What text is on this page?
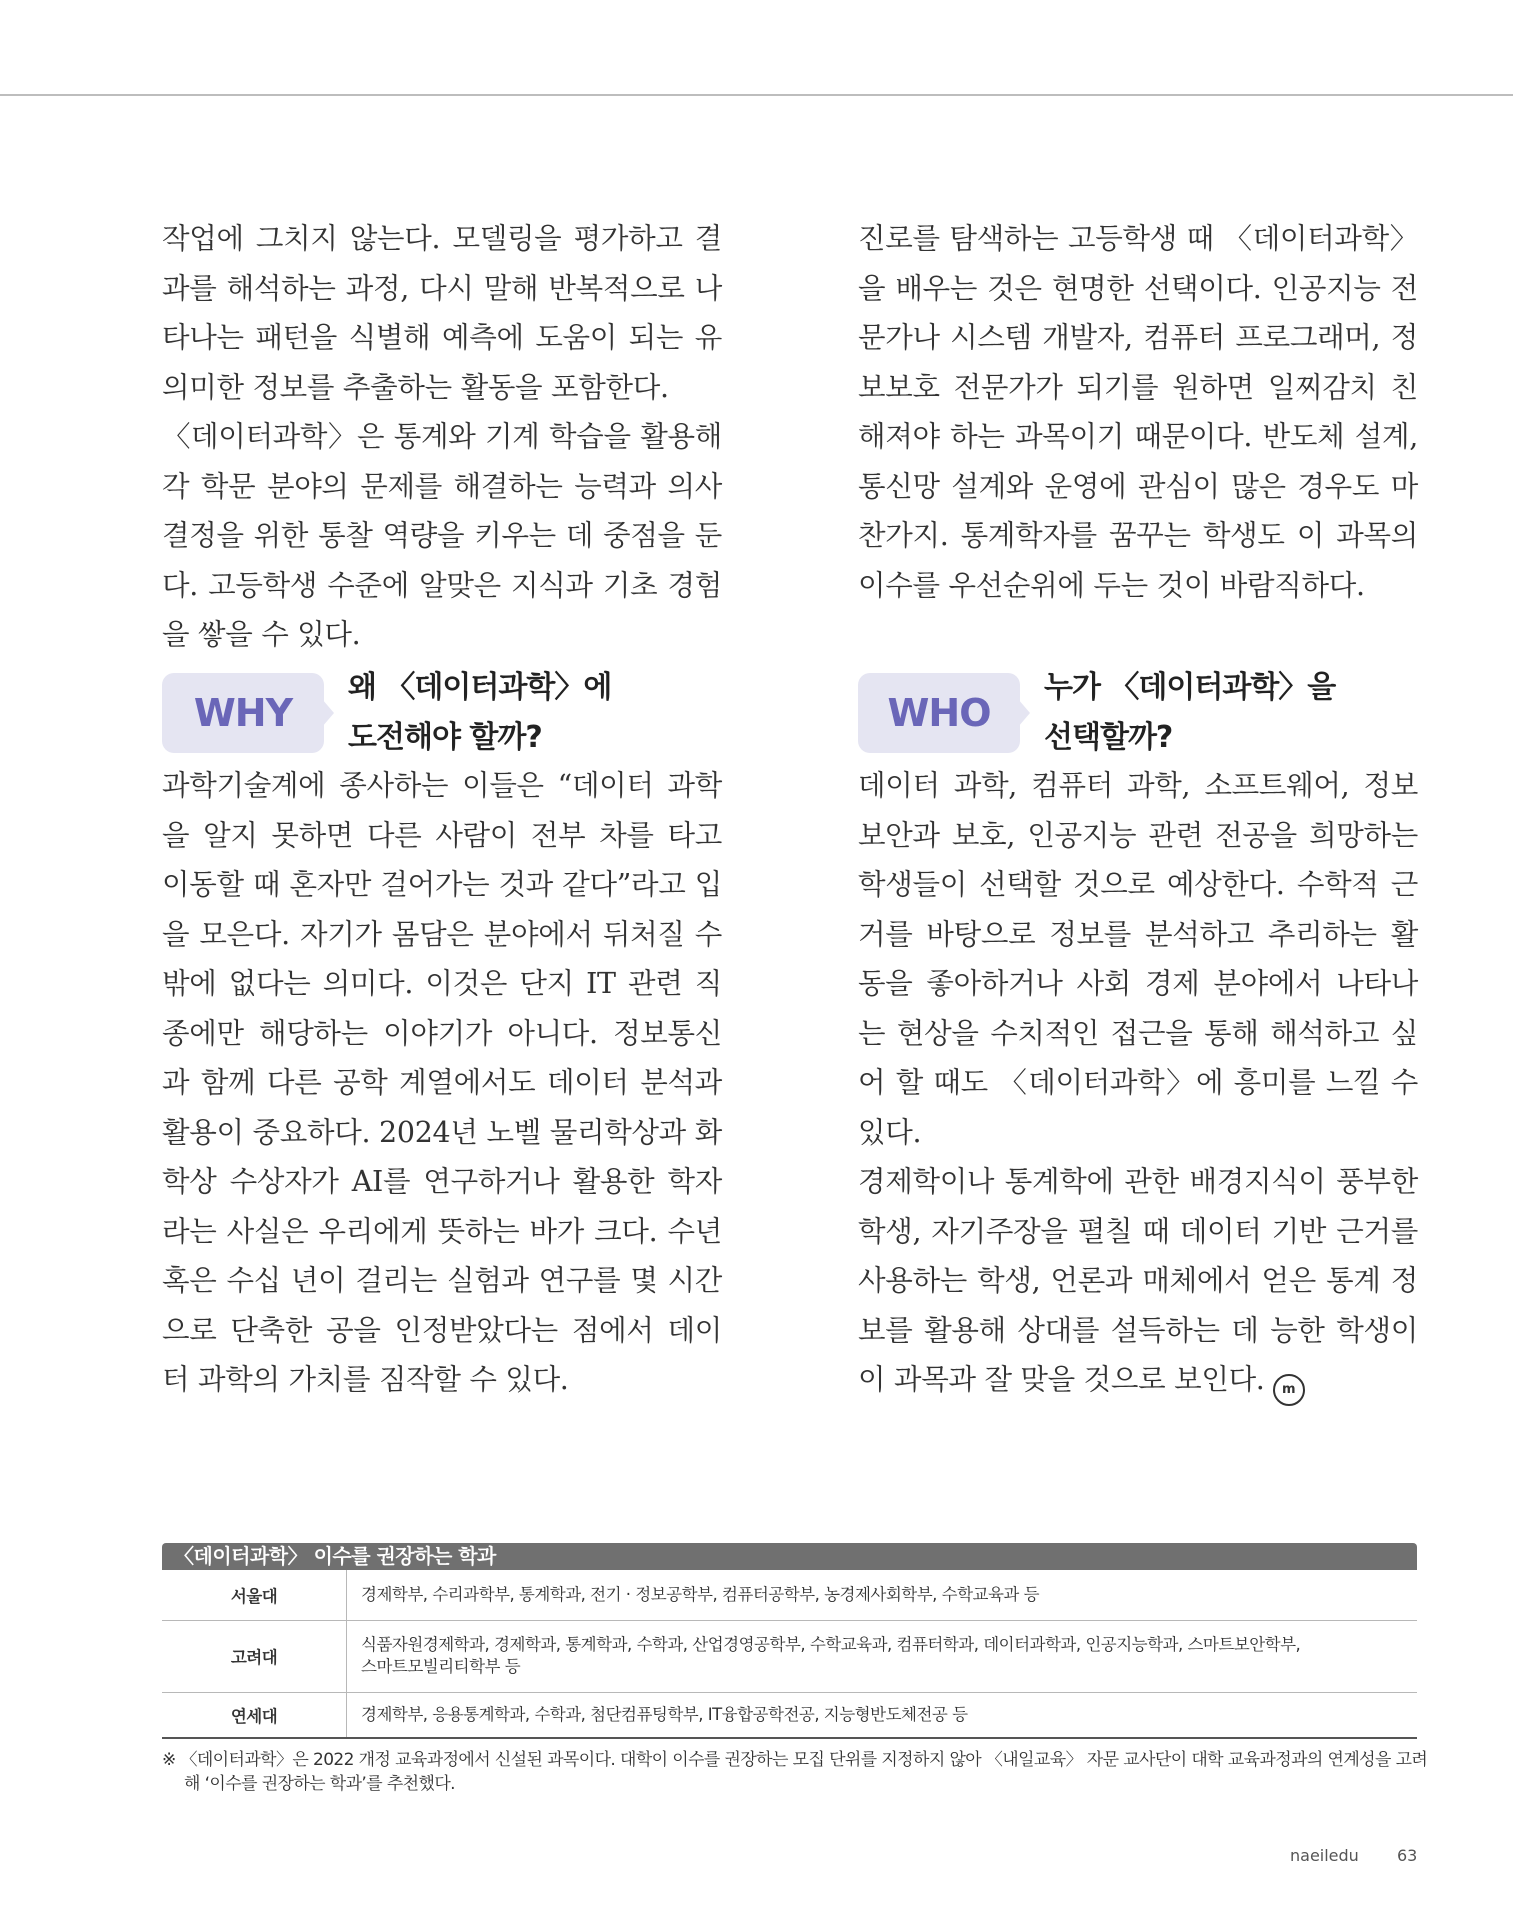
작업에 그치지 않는다. 모델링을 평가하고 결과를 해석하는 과정, 다시 말해 반복적으로 나타나는 패턴을 식별해 예측에 도움이 되는 유의미한 정보를 추출하는 활동을 포함한다.

〈데이터과학〉은 통계와 기계 학습을 활용해 각 학문 분야의 문제를 해결하는 능력과 의사 결정을 위한 통찰 역량을 키우는 데 중점을 둔다. 고등학생 수준에 알맞은 지식과 기초 경험을 쌓을 수 있다.

WHY
왜 〈데이터과학〉에
도전해야 할까?

과학기술계에 종사하는 이들은 “데이터 과학을 알지 못하면 다른 사람이 전부 차를 타고 이동할 때 혼자만 걸어가는 것과 같다”라고 입을 모은다. 자기가 몸담은 분야에서 뒤처질 수밖에 없다는 의미다. 이것은 단지 IT 관련 직종에만 해당하는 이야기가 아니다. 정보통신과 함께 다른 공학 계열에서도 데이터 분석과 활용이 중요하다. 2024년 노벨 물리학상과 화학상 수상자가 AI를 연구하거나 활용한 학자라는 사실은 우리에게 뜻하는 바가 크다. 수년 혹은 수십 년이 걸리는 실험과 연구를 몇 시간으로 단축한 공을 인정받았다는 점에서 데이터 과학의 가치를 짐작할 수 있다.

진로를 탐색하는 고등학생 때 〈데이터과학〉을 배우는 것은 현명한 선택이다. 인공지능 전문가나 시스템 개발자, 컴퓨터 프로그래머, 정보보호 전문가가 되기를 원하면 일찌감치 친해져야 하는 과목이기 때문이다. 반도체 설계, 통신망 설계와 운영에 관심이 많은 경우도 마찬가지. 통계학자를 꿈꾸는 학생도 이 과목의 이수를 우선순위에 두는 것이 바람직하다.

WHO
누가 〈데이터과학〉을
선택할까?

데이터 과학, 컴퓨터 과학, 소프트웨어, 정보보안과 보호, 인공지능 관련 전공을 희망하는 학생들이 선택할 것으로 예상한다. 수학적 근거를 바탕으로 정보를 분석하고 추리하는 활동을 좋아하거나 사회 경제 분야에서 나타나는 현상을 수치적인 접근을 통해 해석하고 싶어 할 때도 〈데이터과학〉에 흥미를 느낄 수 있다.

경제학이나 통계학에 관한 배경지식이 풍부한 학생, 자기주장을 펼칠 때 데이터 기반 근거를 사용하는 학생, 언론과 매체에서 얻은 통계 정보를 활용해 상대를 설득하는 데 능한 학생이 이 과목과 잘 맞을 것으로 보인다. m

〈데이터과학〉 이수를 권장하는 학과
서울대	경제학부, 수리과학부, 통계학과, 전기 · 정보공학부, 컴퓨터공학부, 농경제사회학부, 수학교육과 등

고려대	식품자원경제학과, 경제학과, 통계학과, 수학과, 산업경영공학부, 수학교육과, 컴퓨터학과, 데이터과학과, 인공지능학과, 스마트보안학부,
스마트모빌리티학부 등

연세대	경제학부, 응용통계학과, 수학과, 첨단컴퓨팅학부, IT융합공학전공, 지능형반도체전공 등

※ 〈데이터과학〉은 2022 개정 교육과정에서 신설된 과목이다. 대학이 이수를 권장하는 모집 단위를 지정하지 않아 〈내일교육〉 자문 교사단이 대학 교육과정과의 연계성을 고려해 ‘이수를 권장하는 학과’를 추천했다.

naeiledu 63
